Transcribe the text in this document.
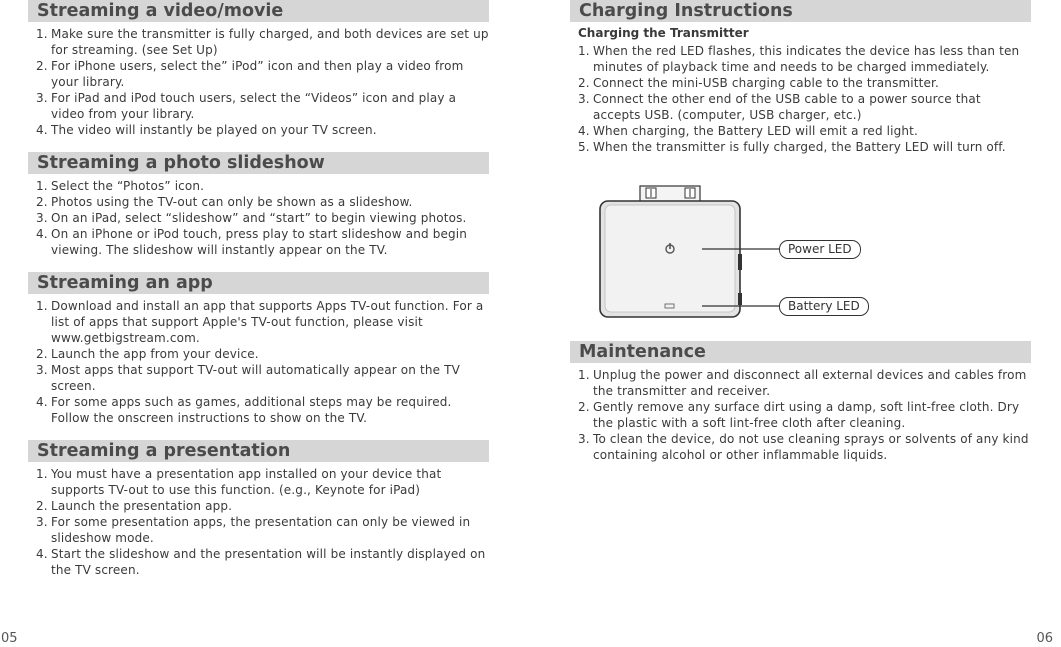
Streaming a video/movie
1. Make sure the transmitter is fully charged, and both devices are set up for streaming. (see Set Up)
2. For iPhone users, select the” iPod” icon and then play a video from your library.
3. For iPad and iPod touch users, select the “Videos” icon and play a video from your library.
4. The video will instantly be played on your TV screen.
Streaming a photo slideshow
1. Select the “Photos” icon.
2. Photos using the TV-out can only be shown as a slideshow.
3. On an iPad, select “slideshow” and “start” to begin viewing photos.
4. On an iPhone or iPod touch, press play to start slideshow and begin viewing. The slideshow will instantly appear on the TV.
Streaming an app
1. Download and install an app that supports Apps TV-out function. For a list of apps that support Apple's TV-out function, please visit www.getbigstream.com.
2. Launch the app from your device.
3. Most apps that support TV-out will automatically appear on the TV screen.
4. For some apps such as games, additional steps may be required. Follow the onscreen instructions to show on the TV.
Streaming a presentation
1. You must have a presentation app installed on your device that supports TV-out to use this function. (e.g., Keynote for iPad)
2. Launch the presentation app.
3. For some presentation apps, the presentation can only be viewed in slideshow mode.
4. Start the slideshow and the presentation will be instantly displayed on the TV screen.
Charging Instructions
Charging the Transmitter
1. When the red LED flashes, this indicates the device has less than ten minutes of playback time and needs to be charged immediately.
2. Connect the mini-USB charging cable to the transmitter.
3. Connect the other end of the USB cable to a power source that accepts USB. (computer, USB charger, etc.)
4. When charging, the Battery LED will emit a red light.
5. When the transmitter is fully charged, the Battery LED will turn off.
Power LED
Battery LED
Maintenance
1. Unplug the power and disconnect all external devices and cables from the transmitter and receiver.
2. Gently remove any surface dirt using a damp, soft lint-free cloth. Dry the plastic with a soft lint-free cloth after cleaning.
3. To clean the device, do not use cleaning sprays or solvents of any kind containing alcohol or other inflammable liquids.
05	06
